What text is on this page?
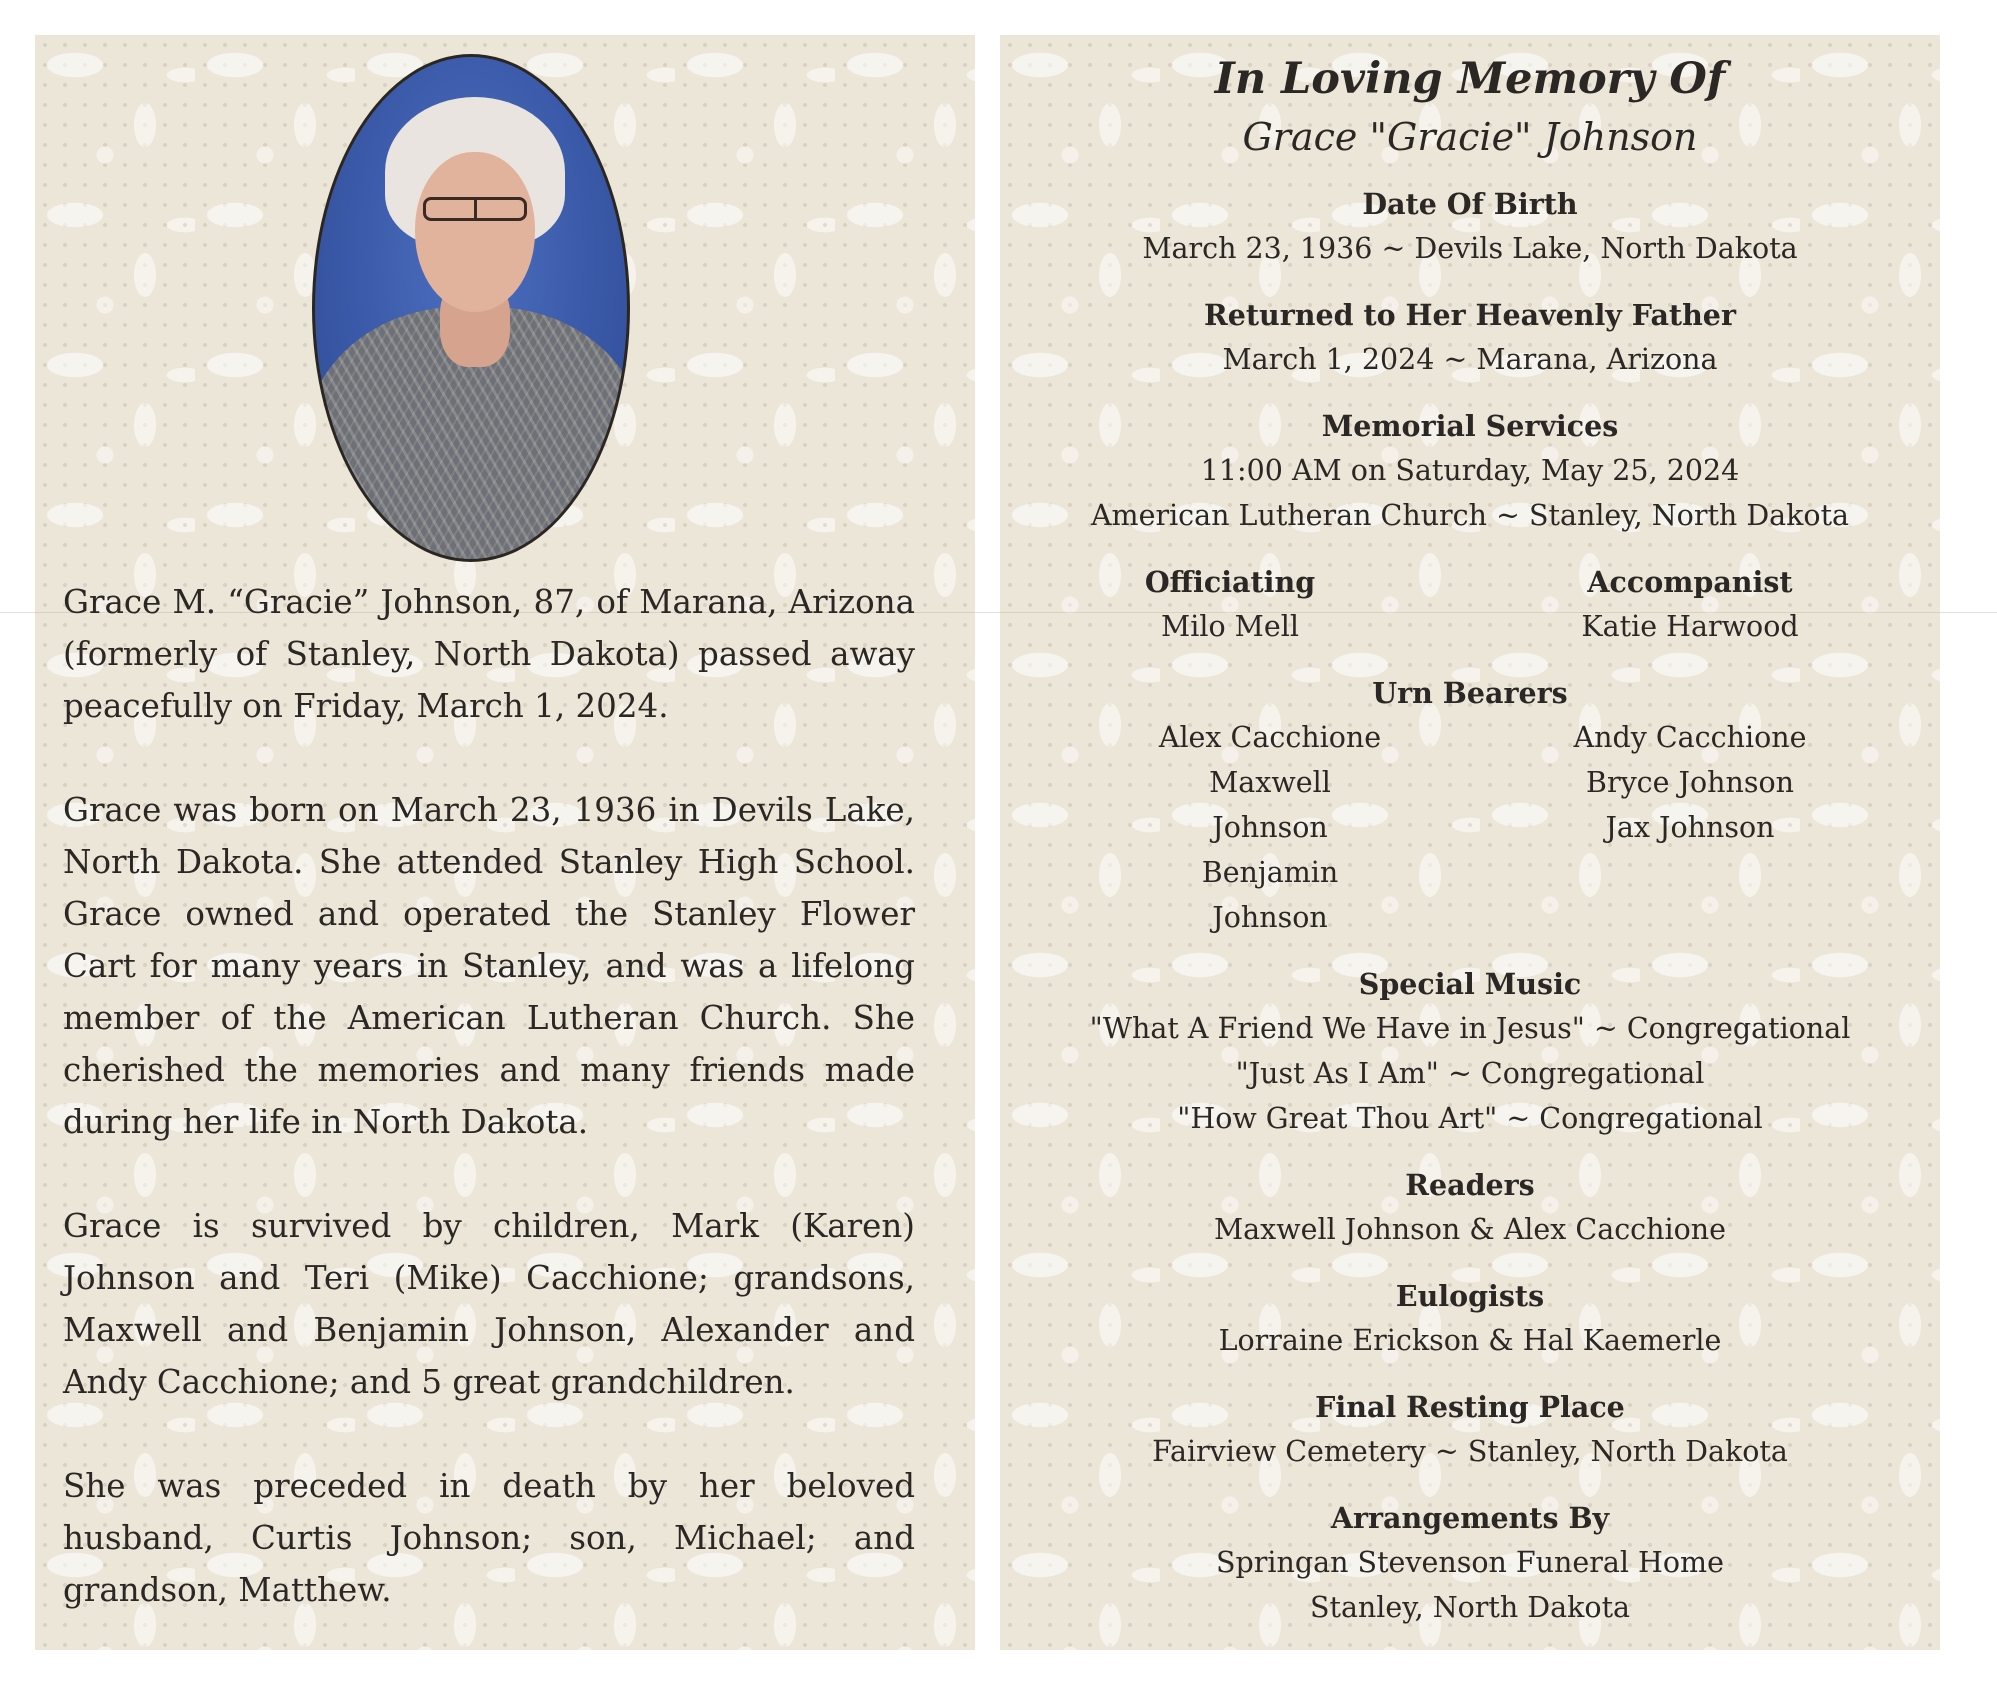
Grace M. “Gracie” Johnson, 87, of Marana, Arizona (formerly of Stanley, North Dakota) passed away peacefully on Friday, March 1, 2024.

Grace was born on March 23, 1936 in Devils Lake, North Dakota. She attended Stanley High School. Grace owned and operated the Stanley Flower Cart for many years in Stanley, and was a lifelong member of the American Lutheran Church. She cherished the memories and many friends made during her life in North Dakota.

Grace is survived by children, Mark (Karen) Johnson and Teri (Mike) Cacchione; grandsons, Maxwell and Benjamin Johnson, Alexander and Andy Cacchione; and 5 great grandchildren.

She was preceded in death by her beloved husband, Curtis Johnson; son, Michael; and grandson, Matthew.

In Loving Memory Of
Grace "Gracie" Johnson
Date Of Birth
March 23, 1936 ~ Devils Lake, North Dakota
Returned to Her Heavenly Father
March 1, 2024 ~ Marana, Arizona
Memorial Services
11:00 AM on Saturday, May 25, 2024
American Lutheran Church ~ Stanley, North Dakota
Officiating
Milo Mell
Accompanist
Katie Harwood
Urn Bearers
Alex Cacchione
Maxwell Johnson
Benjamin Johnson
Andy Cacchione
Bryce Johnson
Jax Johnson
Special Music
"What A Friend We Have in Jesus" ~ Congregational
"Just As I Am" ~ Congregational
"How Great Thou Art" ~ Congregational
Readers
Maxwell Johnson & Alex Cacchione
Eulogists
Lorraine Erickson & Hal Kaemerle
Final Resting Place
Fairview Cemetery ~ Stanley, North Dakota
Arrangements By
Springan Stevenson Funeral Home
Stanley, North Dakota
